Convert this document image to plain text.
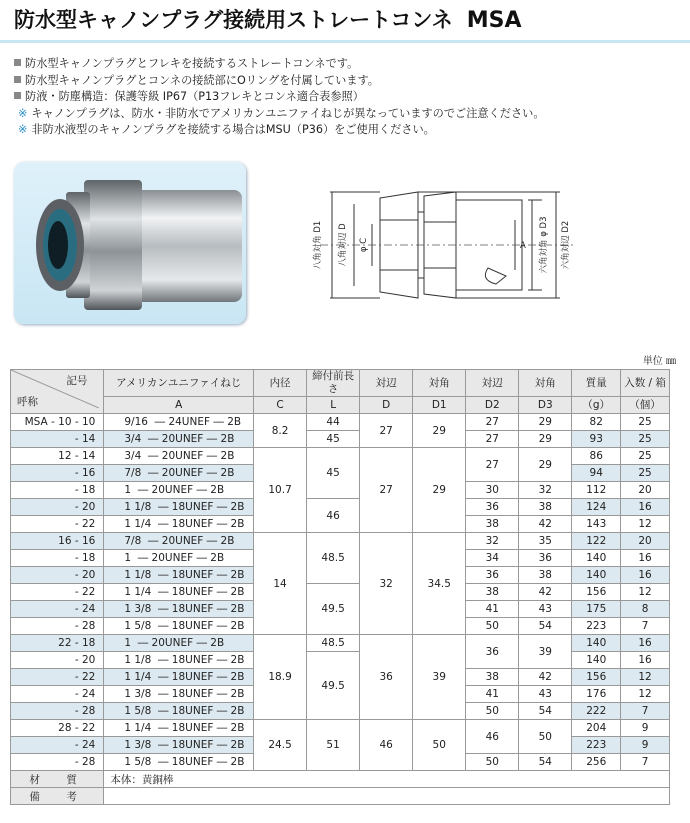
防水型キャノンプラグ接続用ストレートコンネ MSA
防水型キャノンプラグとフレキを接続するストレートコンネです。
防水型キャノンプラグとコンネの接続部にOリングを付属しています。
防液・防塵構造：保護等級 IP67（P13フレキとコンネ適合表参照）
※ キャノンプラグは、防水・非防水でアメリカンユニファイねじが異なっていますのでご注意ください。
※ 非防水液型のキャノンプラグを接続する場合はMSU（P36）をご使用ください。
八角対角 D1 八角対辺 D φ C	A 六角対角 φ D3 六角対辺 D2
単位 ㎜
記号
呼称	アメリカンユニファイねじ	内径	締付前長さ	対辺	対角	対辺	対角	質量	入数 / 箱
	A	C	L	D	D1	D2	D3	（g）	（個）
MSA - 10 - 10	9/16  ― 24UNEF ― 2B	8.2	44	27	29	27	29	82	25
- 14	3/4  ― 20UNEF ― 2B		45			27	29	93	25
12 - 14	3/4  ― 20UNEF ― 2B	10.7	45	27	29	27	29	86	25
- 16	7/8  ― 20UNEF ― 2B							94	25
- 18	1  ― 20UNEF ― 2B					30	32	112	20
- 20	1 1/8  ― 18UNEF ― 2B		46			36	38	124	16
- 22	1 1/4  ― 18UNEF ― 2B					38	42	143	12
16 - 16	7/8  ― 20UNEF ― 2B	14	48.5	32	34.5	32	35	122	20
- 18	1  ― 20UNEF ― 2B					34	36	140	16
- 20	1 1/8  ― 18UNEF ― 2B					36	38	140	16
- 22	1 1/4  ― 18UNEF ― 2B		49.5			38	42	156	12
- 24	1 3/8  ― 18UNEF ― 2B					41	43	175	8
- 28	1 5/8  ― 18UNEF ― 2B					50	54	223	7
22 - 18	1  ― 20UNEF ― 2B	18.9	48.5	36	39	36	39	140	16
- 20	1 1/8  ― 18UNEF ― 2B		49.5					140	16
- 22	1 1/4  ― 18UNEF ― 2B					38	42	156	12
- 24	1 3/8  ― 18UNEF ― 2B					41	43	176	12
- 28	1 5/8  ― 18UNEF ― 2B					50	54	222	7
28 - 22	1 1/4  ― 18UNEF ― 2B	24.5	51	46	50	46	50	204	9
- 24	1 3/8  ― 18UNEF ― 2B							223	9
- 28	1 5/8  ― 18UNEF ― 2B					50	54	256	7
材　質	本体：黄銅棒								
備　考									
